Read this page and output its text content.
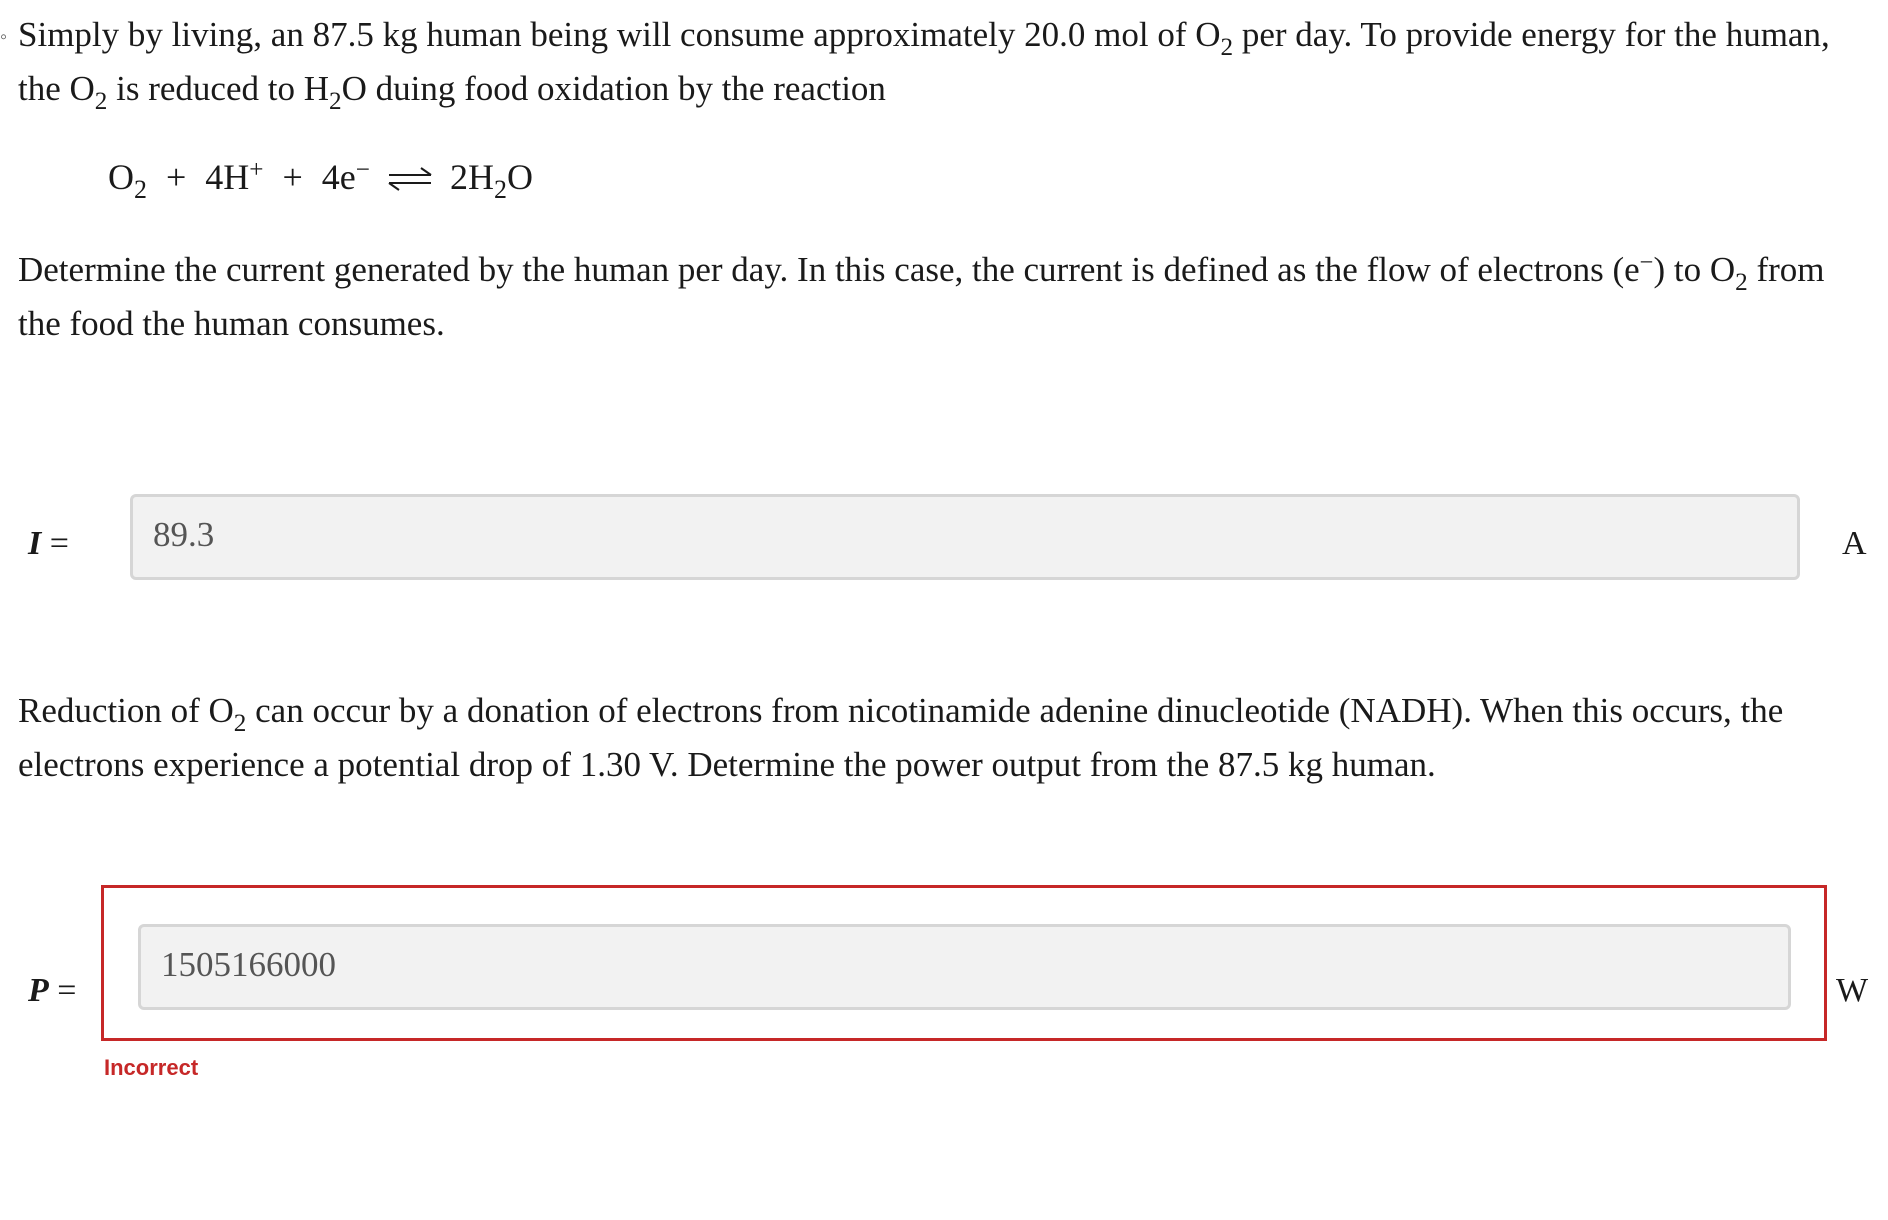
◦ Simply by living, an 87.5 kg human being will consume approximately 20.0 mol of $O_2$ per day. To provide energy for the human, the $O_2$ is reduced to $H_2O$ duing food oxidation by the reaction
$O_2 + 4H^+ + 4e^-$ ⇌ $2H_2O$
Determine the current generated by the human per day. In this case, the current is defined as the flow of electrons (e−) to $O_2$ from the food the human consumes.
I =	89.3	A
Reduction of $O_2$ can occur by a donation of electrons from nicotinamide adenine dinucleotide (NADH). When this occurs, the electrons experience a potential drop of 1.30 V. Determine the power output from the 87.5 kg human.
P =
1505166000
W
Incorrect
